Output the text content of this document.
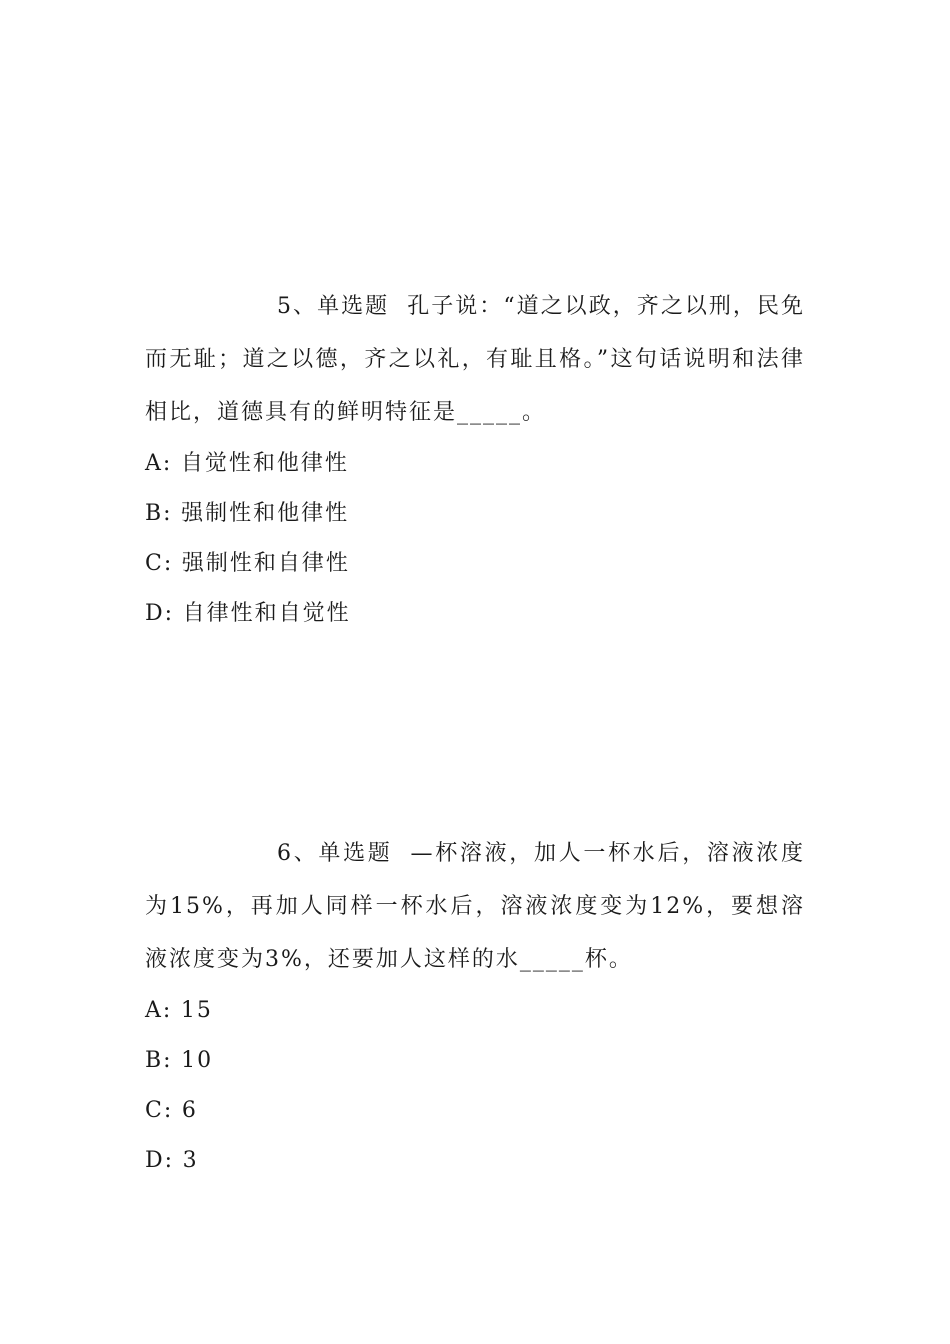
5、单选题 孔子说：“道之以政，齐之以刑，民免而无耻；道之以德，齐之以礼，有耻且格。”这句话说明和法律相比，道德具有的鲜明特征是_____。

A: 自觉性和他律性
B: 强制性和他律性
C: 强制性和自律性
D: 自律性和自觉性

6、单选题 —杯溶液，加人一杯水后，溶液浓度为15%，再加人同样一杯水后，溶液浓度变为12%，要想溶液浓度变为3%，还要加人这样的水_____杯。

A: 15
B: 10
C: 6
D: 3
